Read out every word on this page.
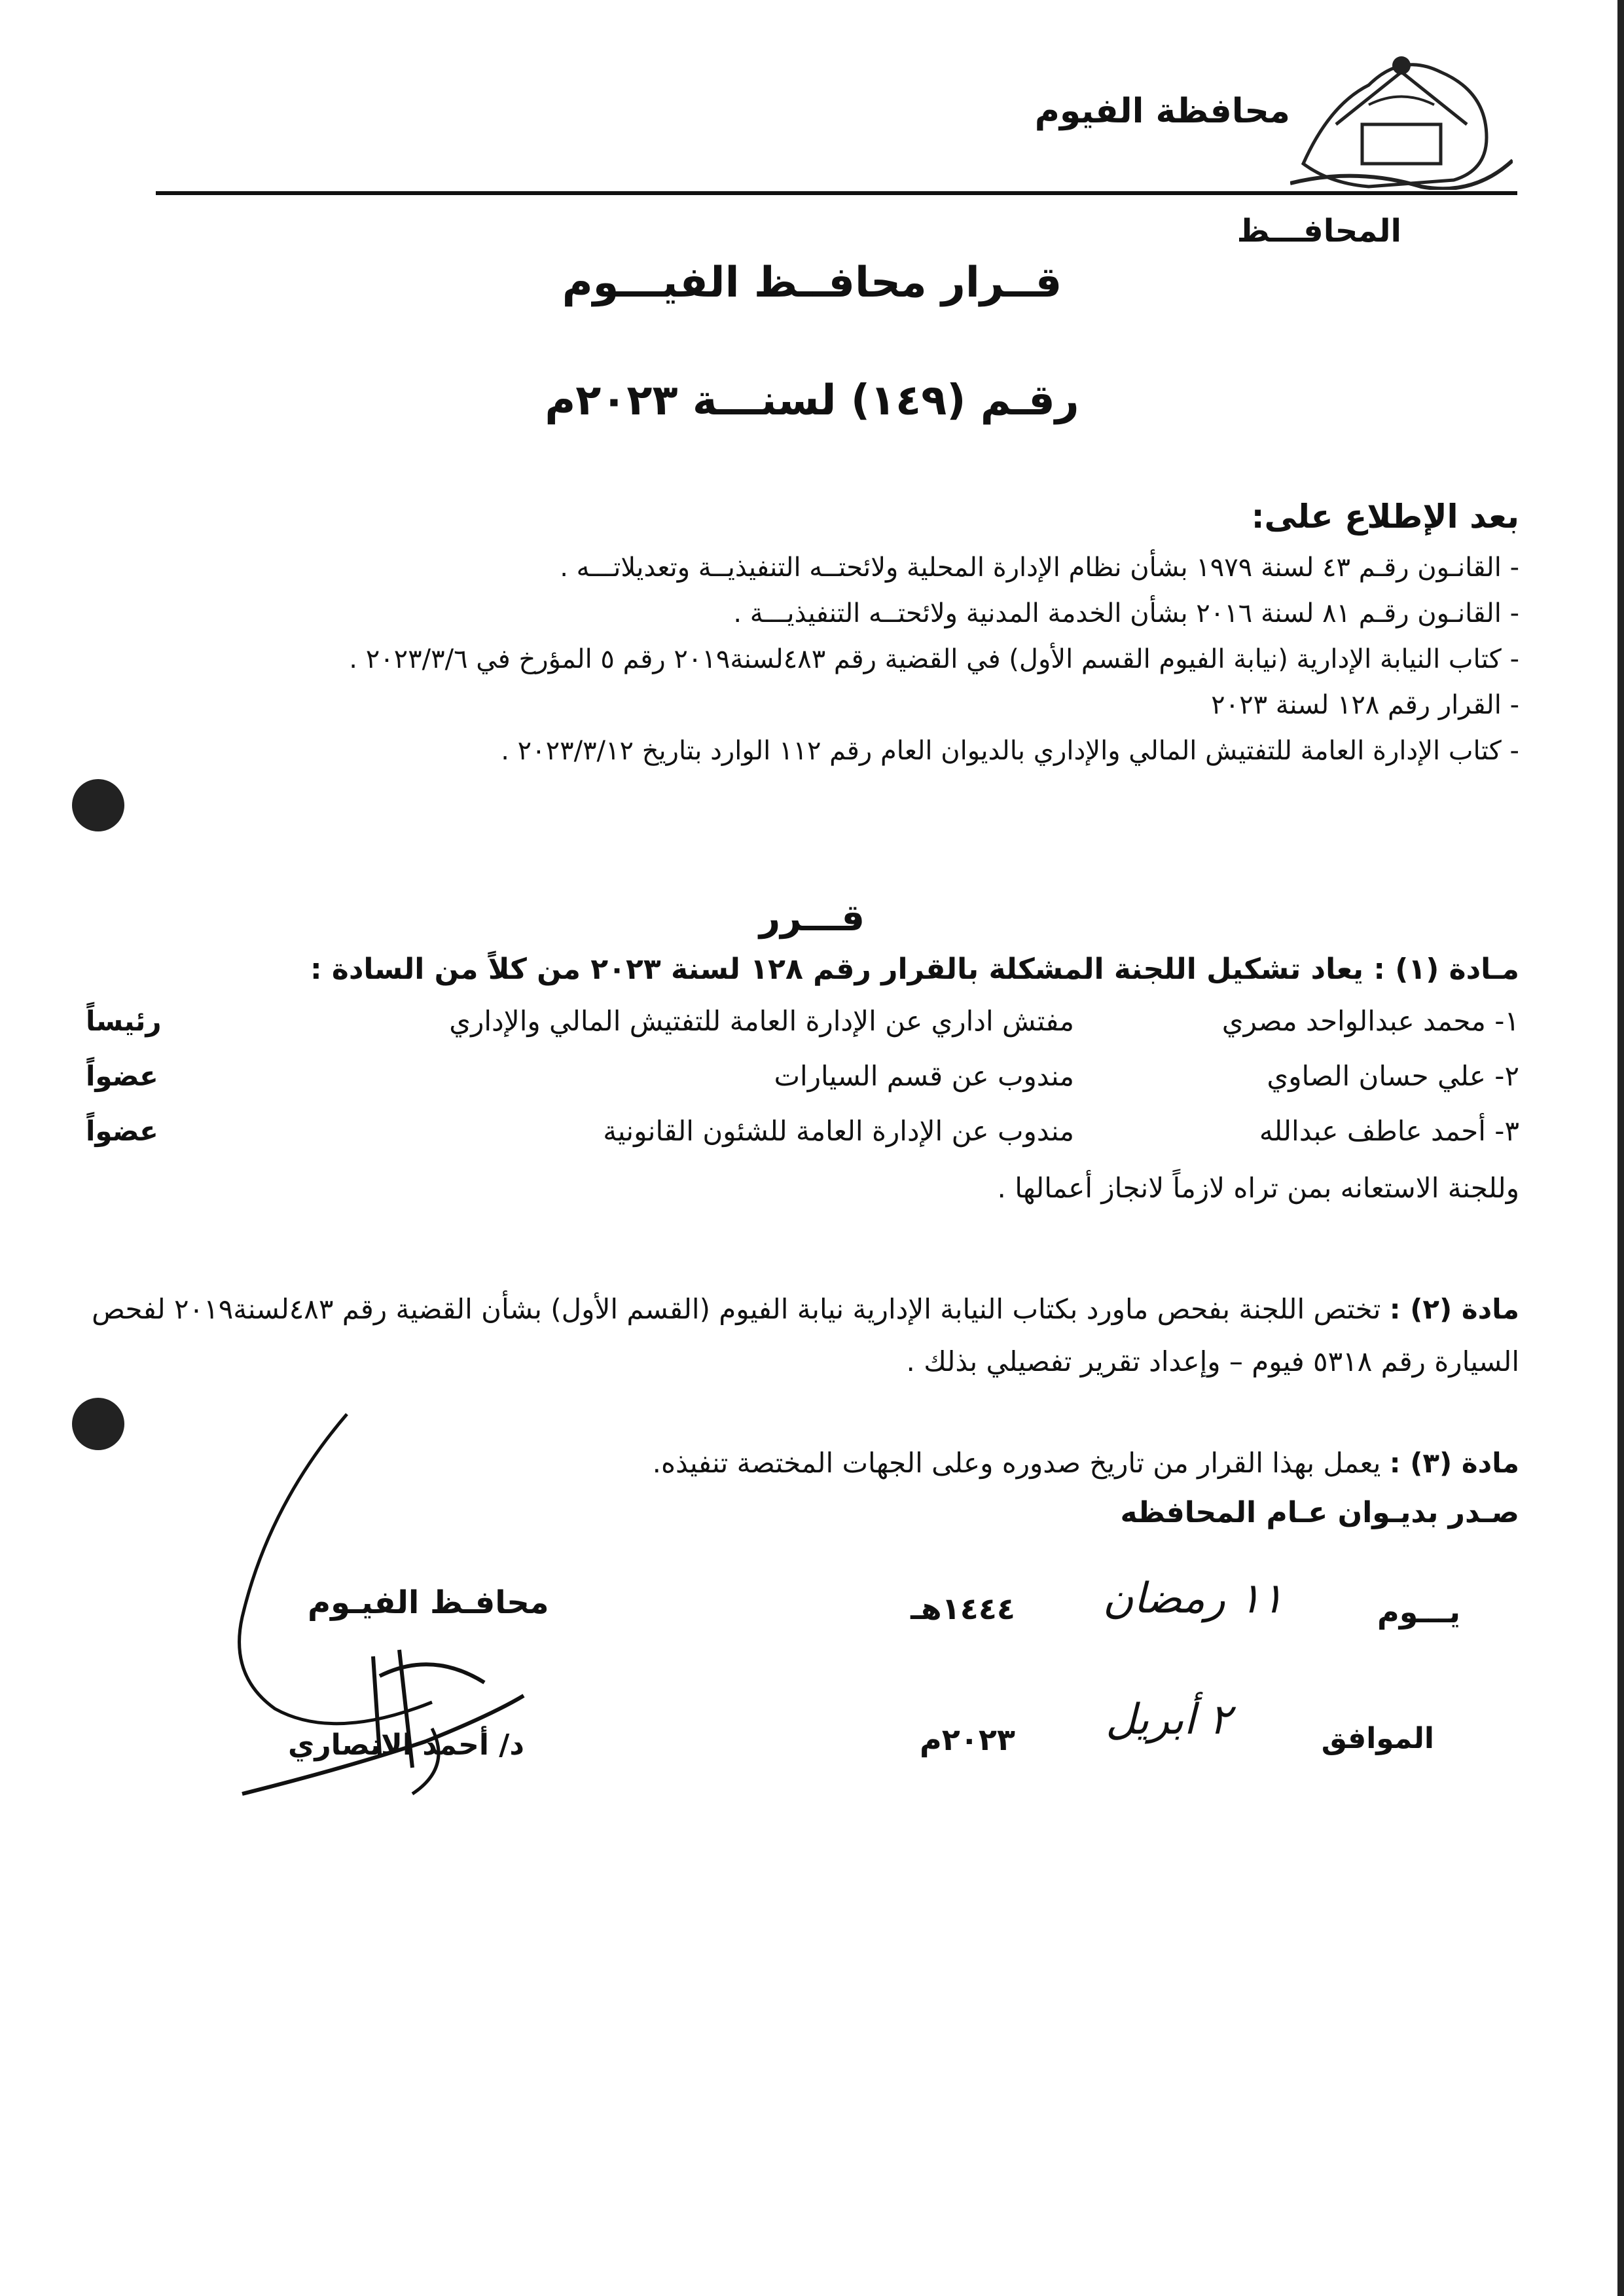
محافظة الفيوم
المحافـــظ
قــرار محافــظ الفيـــوم
رقـم (١٤٩) لسنـــة ٢٠٢٣م
بعد الإطلاع على:
- القانـون رقـم ٤٣ لسنة ١٩٧٩ بشأن نظام الإدارة المحلية ولائحتــه التنفيذيــة وتعديلاتـــه .
- القانـون رقـم ٨١ لسنة ٢٠١٦ بشأن الخدمة المدنية ولائحتــه التنفيذيـــة .
- كتاب النيابة الإدارية (نيابة الفيوم القسم الأول) في القضية رقم ٤٨٣لسنة٢٠١٩ رقم ٥ المؤرخ في ٢٠٢٣/٣/٦ .
- القرار رقم ١٢٨ لسنة ٢٠٢٣
- كتاب الإدارة العامة للتفتيش المالي والإداري بالديوان العام رقم ١١٢ الوارد بتاريخ ٢٠٢٣/٣/١٢ .
قـــرر
مـادة (١) : يعاد تشكيل اللجنة المشكلة بالقرار رقم ١٢٨ لسنة ٢٠٢٣ من كلاً من السادة :
١- محمد عبدالواحد مصري
مفتش اداري عن الإدارة العامة للتفتيش المالي والإداري
رئيساً
٢- علي حسان الصاوي
مندوب عن قسم السيارات
عضواً
٣- أحمد عاطف عبدالله
مندوب عن الإدارة العامة للشئون القانونية
عضواً
وللجنة الاستعانه بمن تراه لازماً لانجاز أعمالها .
مادة (٢) : تختص اللجنة بفحص ماورد بكتاب النيابة الإدارية نيابة الفيوم (القسم الأول) بشأن القضية رقم ٤٨٣لسنة٢٠١٩ لفحص السيارة رقم ٥٣١٨ فيوم – وإعداد تقرير تفصيلي بذلك .
مادة (٣) : يعمل بهذا القرار من تاريخ صدوره وعلى الجهات المختصة تنفيذه.
صـدر بديـوان عـام المحافظه
يـــوم
١١ رمضان
١٤٤٤هـ
الموافق
٢ أبريل
٢٠٢٣م
محافـظ الفيـوم
د/ أحمد الانصاري
